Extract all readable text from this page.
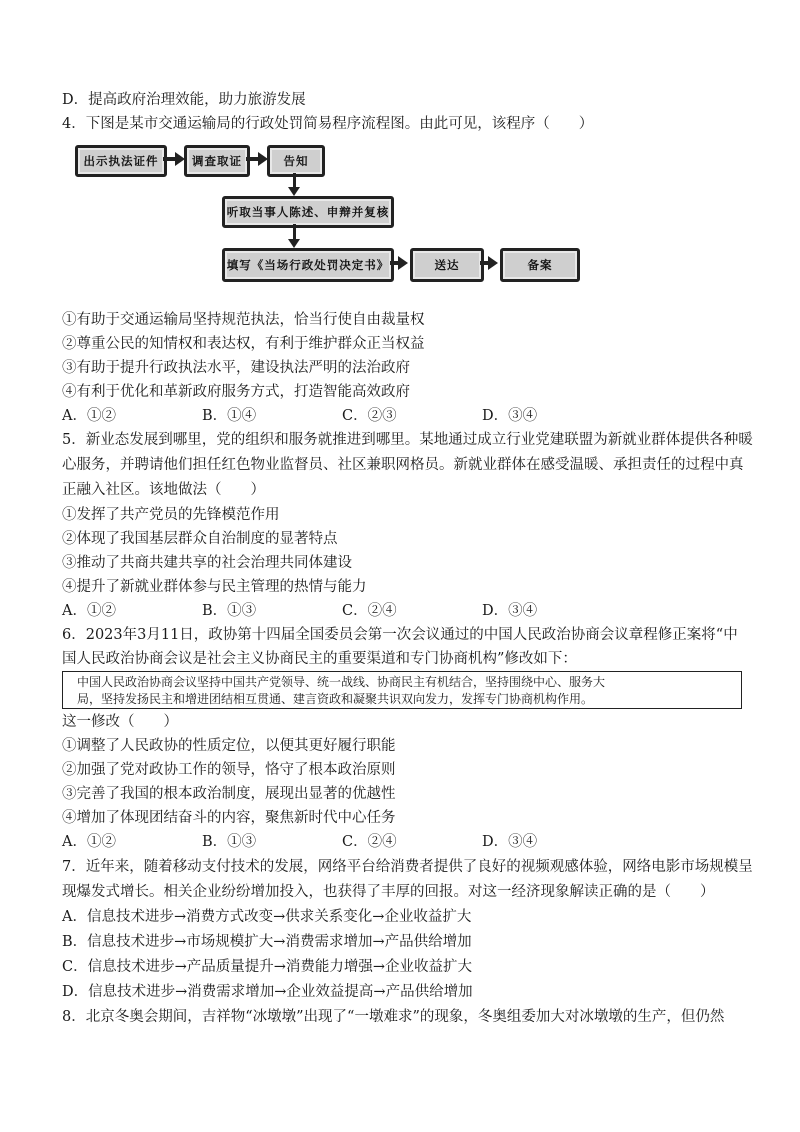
D．提高政府治理效能，助力旅游发展
4．下图是某市交通运输局的行政处罚简易程序流程图。由此可见，该程序（　　）
出示执法证件	调查取证	告知
听取当事人陈述、申辩并复核
填写《当场行政处罚决定书》	送达	备案
①有助于交通运输局坚持规范执法，恰当行使自由裁量权
②尊重公民的知情权和表达权，有利于维护群众正当权益
③有助于提升行政执法水平，建设执法严明的法治政府
④有利于优化和革新政府服务方式，打造智能高效政府
A．①②	B．①④	C．②③	D．③④
5．新业态发展到哪里，党的组织和服务就推进到哪里。某地通过成立行业党建联盟为新就业群体提供各种暖
心服务，并聘请他们担任红色物业监督员、社区兼职网格员。新就业群体在感受温暖、承担责任的过程中真
正融入社区。该地做法（　　）
①发挥了共产党员的先锋模范作用
②体现了我国基层群众自治制度的显著特点
③推动了共商共建共享的社会治理共同体建设
④提升了新就业群体参与民主管理的热情与能力
A．①②	B．①③	C．②④	D．③④
6．2023年3月11日，政协第十四届全国委员会第一次会议通过的中国人民政治协商会议章程修正案将“中
国人民政治协商会议是社会主义协商民主的重要渠道和专门协商机构”修改如下：
中国人民政治协商会议坚持中国共产党领导、统一战线、协商民主有机结合，坚持围绕中心、服务大
局，坚持发扬民主和增进团结相互贯通、建言资政和凝聚共识双向发力，发挥专门协商机构作用。
这一修改（　　）
①调整了人民政协的性质定位，以便其更好履行职能
②加强了党对政协工作的领导，恪守了根本政治原则
③完善了我国的根本政治制度，展现出显著的优越性
④增加了体现团结奋斗的内容，聚焦新时代中心任务
A．①②	B．①③	C．②④	D．③④
7．近年来，随着移动支付技术的发展，网络平台给消费者提供了良好的视频观感体验，网络电影市场规模呈
现爆发式增长。相关企业纷纷增加投入，也获得了丰厚的回报。对这一经济现象解读正确的是（　　）
A．信息技术进步→消费方式改变→供求关系变化→企业收益扩大
B．信息技术进步→市场规模扩大→消费需求增加→产品供给增加
C．信息技术进步→产品质量提升→消费能力增强→企业收益扩大
D．信息技术进步→消费需求增加→企业效益提高→产品供给增加
8．北京冬奥会期间，吉祥物“冰墩墩”出现了“一墩难求”的现象，冬奥组委加大对冰墩墩的生产，但仍然
